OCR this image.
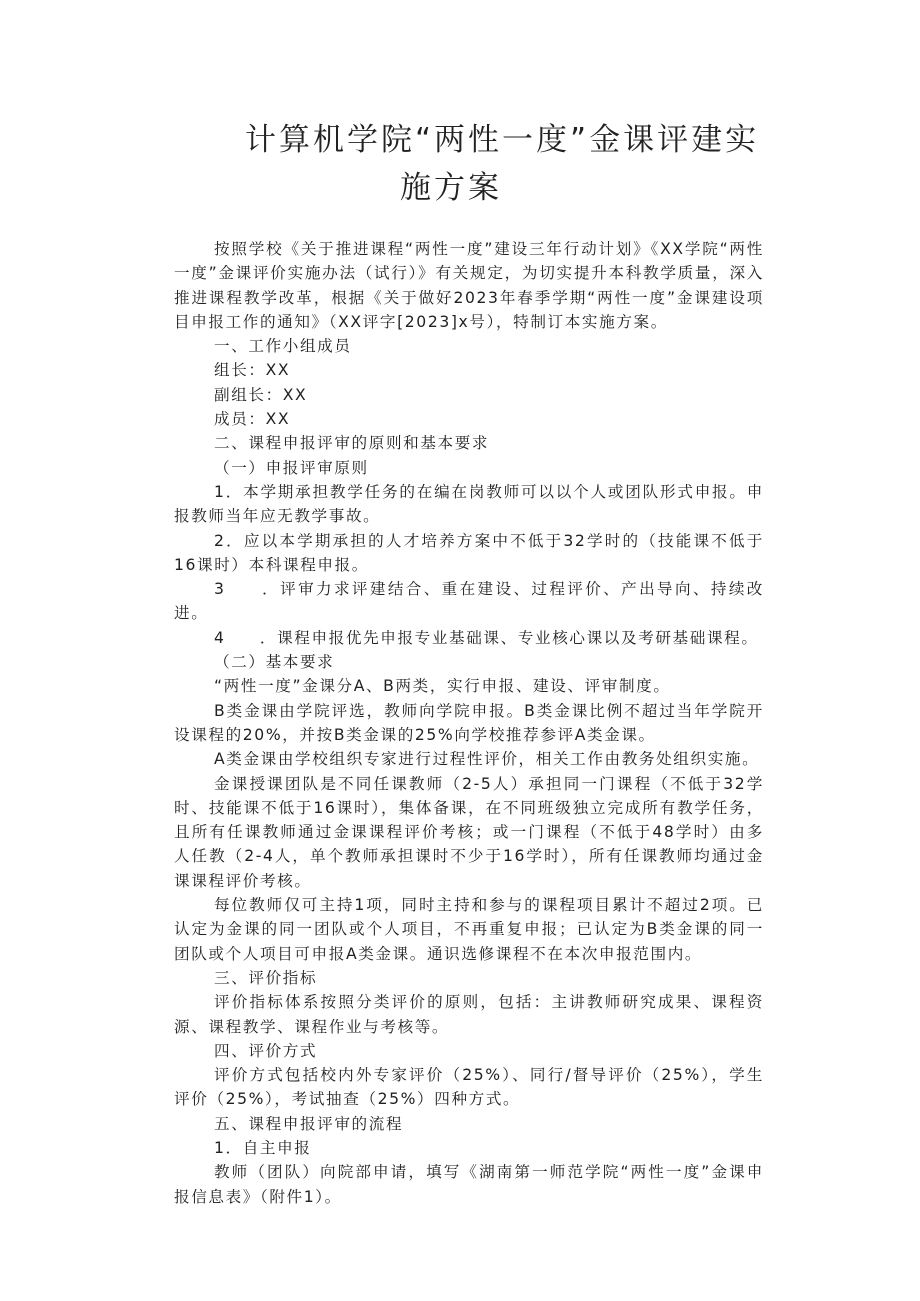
计算机学院“两性一度”金课评建实
施方案

按照学校《关于推进课程“两性一度”建设三年行动计划》《XX学院“两性一度”金课评价实施办法（试行）》有关规定，为切实提升本科教学质量，深入推进课程教学改革，根据《关于做好2023年春季学期“两性一度”金课建设项目申报工作的通知》（XX评字[2023]x号），特制订本实施方案。

一、工作小组成员

组长：XX

副组长：XX

成员：XX

二、课程申报评审的原则和基本要求

（一）申报评审原则

1．本学期承担教学任务的在编在岗教师可以以个人或团队形式申报。申报教师当年应无教学事故。

2．应以本学期承担的人才培养方案中不低于32学时的（技能课不低于16课时）本科课程申报。

3　　．评审力求评建结合、重在建设、过程评价、产出导向、持续改进。

4　　．课程申报优先申报专业基础课、专业核心课以及考研基础课程。

（二）基本要求

“两性一度”金课分A、B两类，实行申报、建设、评审制度。

B类金课由学院评选，教师向学院申报。B类金课比例不超过当年学院开设课程的20%，并按B类金课的25%向学校推荐参评A类金课。

A类金课由学校组织专家进行过程性评价，相关工作由教务处组织实施。

金课授课团队是不同任课教师（2-5人）承担同一门课程（不低于32学时、技能课不低于16课时），集体备课，在不同班级独立完成所有教学任务，且所有任课教师通过金课课程评价考核；或一门课程（不低于48学时）由多人任教（2-4人，单个教师承担课时不少于16学时），所有任课教师均通过金课课程评价考核。

每位教师仅可主持1项，同时主持和参与的课程项目累计不超过2项。已认定为金课的同一团队或个人项目，不再重复申报；已认定为B类金课的同一团队或个人项目可申报A类金课。通识选修课程不在本次申报范围内。

三、评价指标

评价指标体系按照分类评价的原则，包括：主讲教师研究成果、课程资源、课程教学、课程作业与考核等。

四、评价方式

评价方式包括校内外专家评价（25%）、同行/督导评价（25%），学生评价（25%），考试抽查（25%）四种方式。

五、课程申报评审的流程

1．自主申报

教师（团队）向院部申请，填写《湖南第一师范学院“两性一度”金课申报信息表》（附件1）。
